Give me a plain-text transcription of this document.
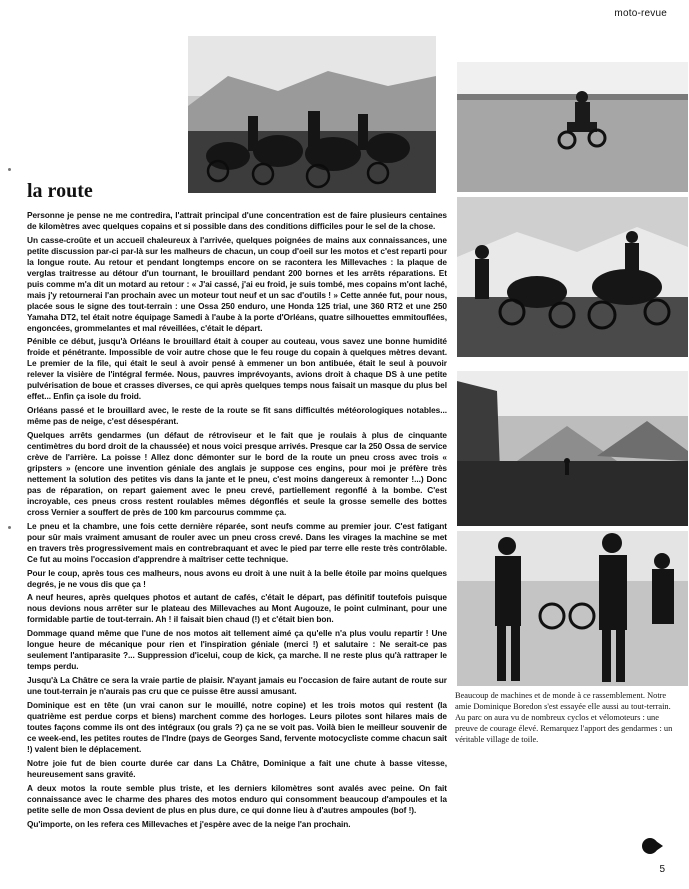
moto-revue
la route

Personne je pense ne me contredira, l'attrait principal d'une concentration est de faire plusieurs centaines de kilomètres avec quelques copains et si possible dans des conditions difficiles pour le sel de la chose.

Un casse-croûte et un accueil chaleureux à l'arrivée, quelques poignées de mains aux connaissances, une petite discussion par-ci par-là sur les malheurs de chacun, un coup d'oeil sur les motos et c'est reparti pour la longue route. Au retour et pendant longtemps encore on se racontera les Millevaches : la plaque de verglas traitresse au détour d'un tournant, le brouillard pendant 200 bornes et les arrêts réparations. Et puis comme m'a dit un motard au retour : « J'ai cassé, j'ai eu froid, je suis tombé, mes copains m'ont laché, mais j'y retournerai l'an prochain avec un moteur tout neuf et un sac d'outils ! » Cette année fut, pour nous, placée sous le signe des tout-terrain : une Ossa 250 enduro, une Honda 125 trial, une 360 RT2 et une 250 Yamaha DT2, tel était notre équipage Samedi à l'aube à la porte d'Orléans, quatre silhouettes emmitouflées, engoncées, grommelantes et mal réveillées, c'était le départ.

Pénible ce début, jusqu'à Orléans le brouillard était à couper au couteau, vous savez une bonne humidité froide et pénétrante. Impossible de voir autre chose que le feu rouge du copain à quelques mètres devant. Le premier de la file, qui était le seul à avoir pensé à emmener un bon antibuée, était le seul à pouvoir relever la visière de l'intégral fermée. Nous, pauvres imprévoyants, avions droit à chaque DS à une petite pulvérisation de boue et crasses diverses, ce qui après quelques temps nous faisait un masque du plus bel effet... Enfin ça isole du froid.

Orléans passé et le brouillard avec, le reste de la route se fit sans difficultés météorologiques notables... même pas de neige, c'est désespérant.

Quelques arrêts gendarmes (un défaut de rétroviseur et le fait que je roulais à plus de cinquante centimètres du bord droit de la chaussée) et nous voici presque arrivés. Presque car la 250 Ossa de service crève de l'arrière. La poisse ! Allez donc démonter sur le bord de la route un pneu cross avec trois « gripsters » (encore une invention géniale des anglais je suppose ces engins, pour moi je préfère très nettement la solution des petites vis dans la jante et le pneu, c'est moins dangereux à remonter !...) Donc pas de réparation, on repart gaiement avec le pneu crevé, partiellement regonflé à la bombe. C'est incroyable, ces pneus cross restent roulables mêmes dégonflés et seule la grosse semelle des bottes cross Vernier a souffert de près de 100 km parcourus commme ça.

Le pneu et la chambre, une fois cette dernière réparée, sont neufs comme au premier jour. C'est fatigant pour sûr mais vraiment amusant de rouler avec un pneu cross crevé. Dans les virages la machine se met en travers très progressivement mais en contrebraquant et avec le pied par terre elle reste très contrôlable. Ce fut au moins l'occasion d'apprendre à maîtriser cette technique.

Pour le coup, après tous ces malheurs, nous avons eu droit à une nuit à la belle étoile par moins quelques degrés, je ne vous dis que ça !

A neuf heures, après quelques photos et autant de cafés, c'était le départ, pas définitif toutefois puisque nous devions nous arrêter sur le plateau des Millevaches au Mont Augouze, le point culminant, pour une formidable partie de tout-terrain. Ah ! il faisait bien chaud (!) et c'était bien bon.

Dommage quand même que l'une de nos motos ait tellement aimé ça qu'elle n'a plus voulu repartir ! Une longue heure de mécanique pour rien et l'inspiration géniale (merci !) et salutaire : Ne serait-ce pas seulement l'antiparasite ?... Suppression d'icelui, coup de kick, ça marche. Il ne reste plus qu'à rattraper le temps perdu.

Jusqu'à La Châtre ce sera la vraie partie de plaisir. N'ayant jamais eu l'occasion de faire autant de route sur une tout-terrain je n'aurais pas cru que ce puisse être aussi amusant.

Dominique est en tête (un vrai canon sur le mouillé, notre copine) et les trois motos qui restent (la quatrième est perdue corps et biens) marchent comme des horloges. Leurs pilotes sont hilares mais de toutes façons comme ils ont des intégraux (ou grals ?) ça ne se voit pas. Voilà bien le meilleur souvenir de ce week-end, les petites routes de l'Indre (pays de Georges Sand, fervente motocycliste comme chacun sait !) valent bien le déplacement.

Notre joie fut de bien courte durée car dans La Châtre, Dominique a fait une chute à basse vitesse, heureusement sans gravité.

A deux motos la route semble plus triste, et les derniers kilomètres sont avalés avec peine. On fait connaissance avec le charme des phares des motos enduro qui consomment beaucoup d'ampoules et la petite selle de mon Ossa devient de plus en plus dure, ce qui donne lieu à d'autres ampoules (bof !).

Qu'importe, on les refera ces Millevaches et j'espère avec de la neige l'an prochain.

Beaucoup de machines et de monde à ce rassemblement. Notre amie Dominique Boredon s'est essayée elle aussi au tout-terrain. Au parc on aura vu de nombreux cyclos et vélomoteurs : une preuve de courage élevé. Remarquez l'apport des gendarmes : un véritable village de toile.
5
